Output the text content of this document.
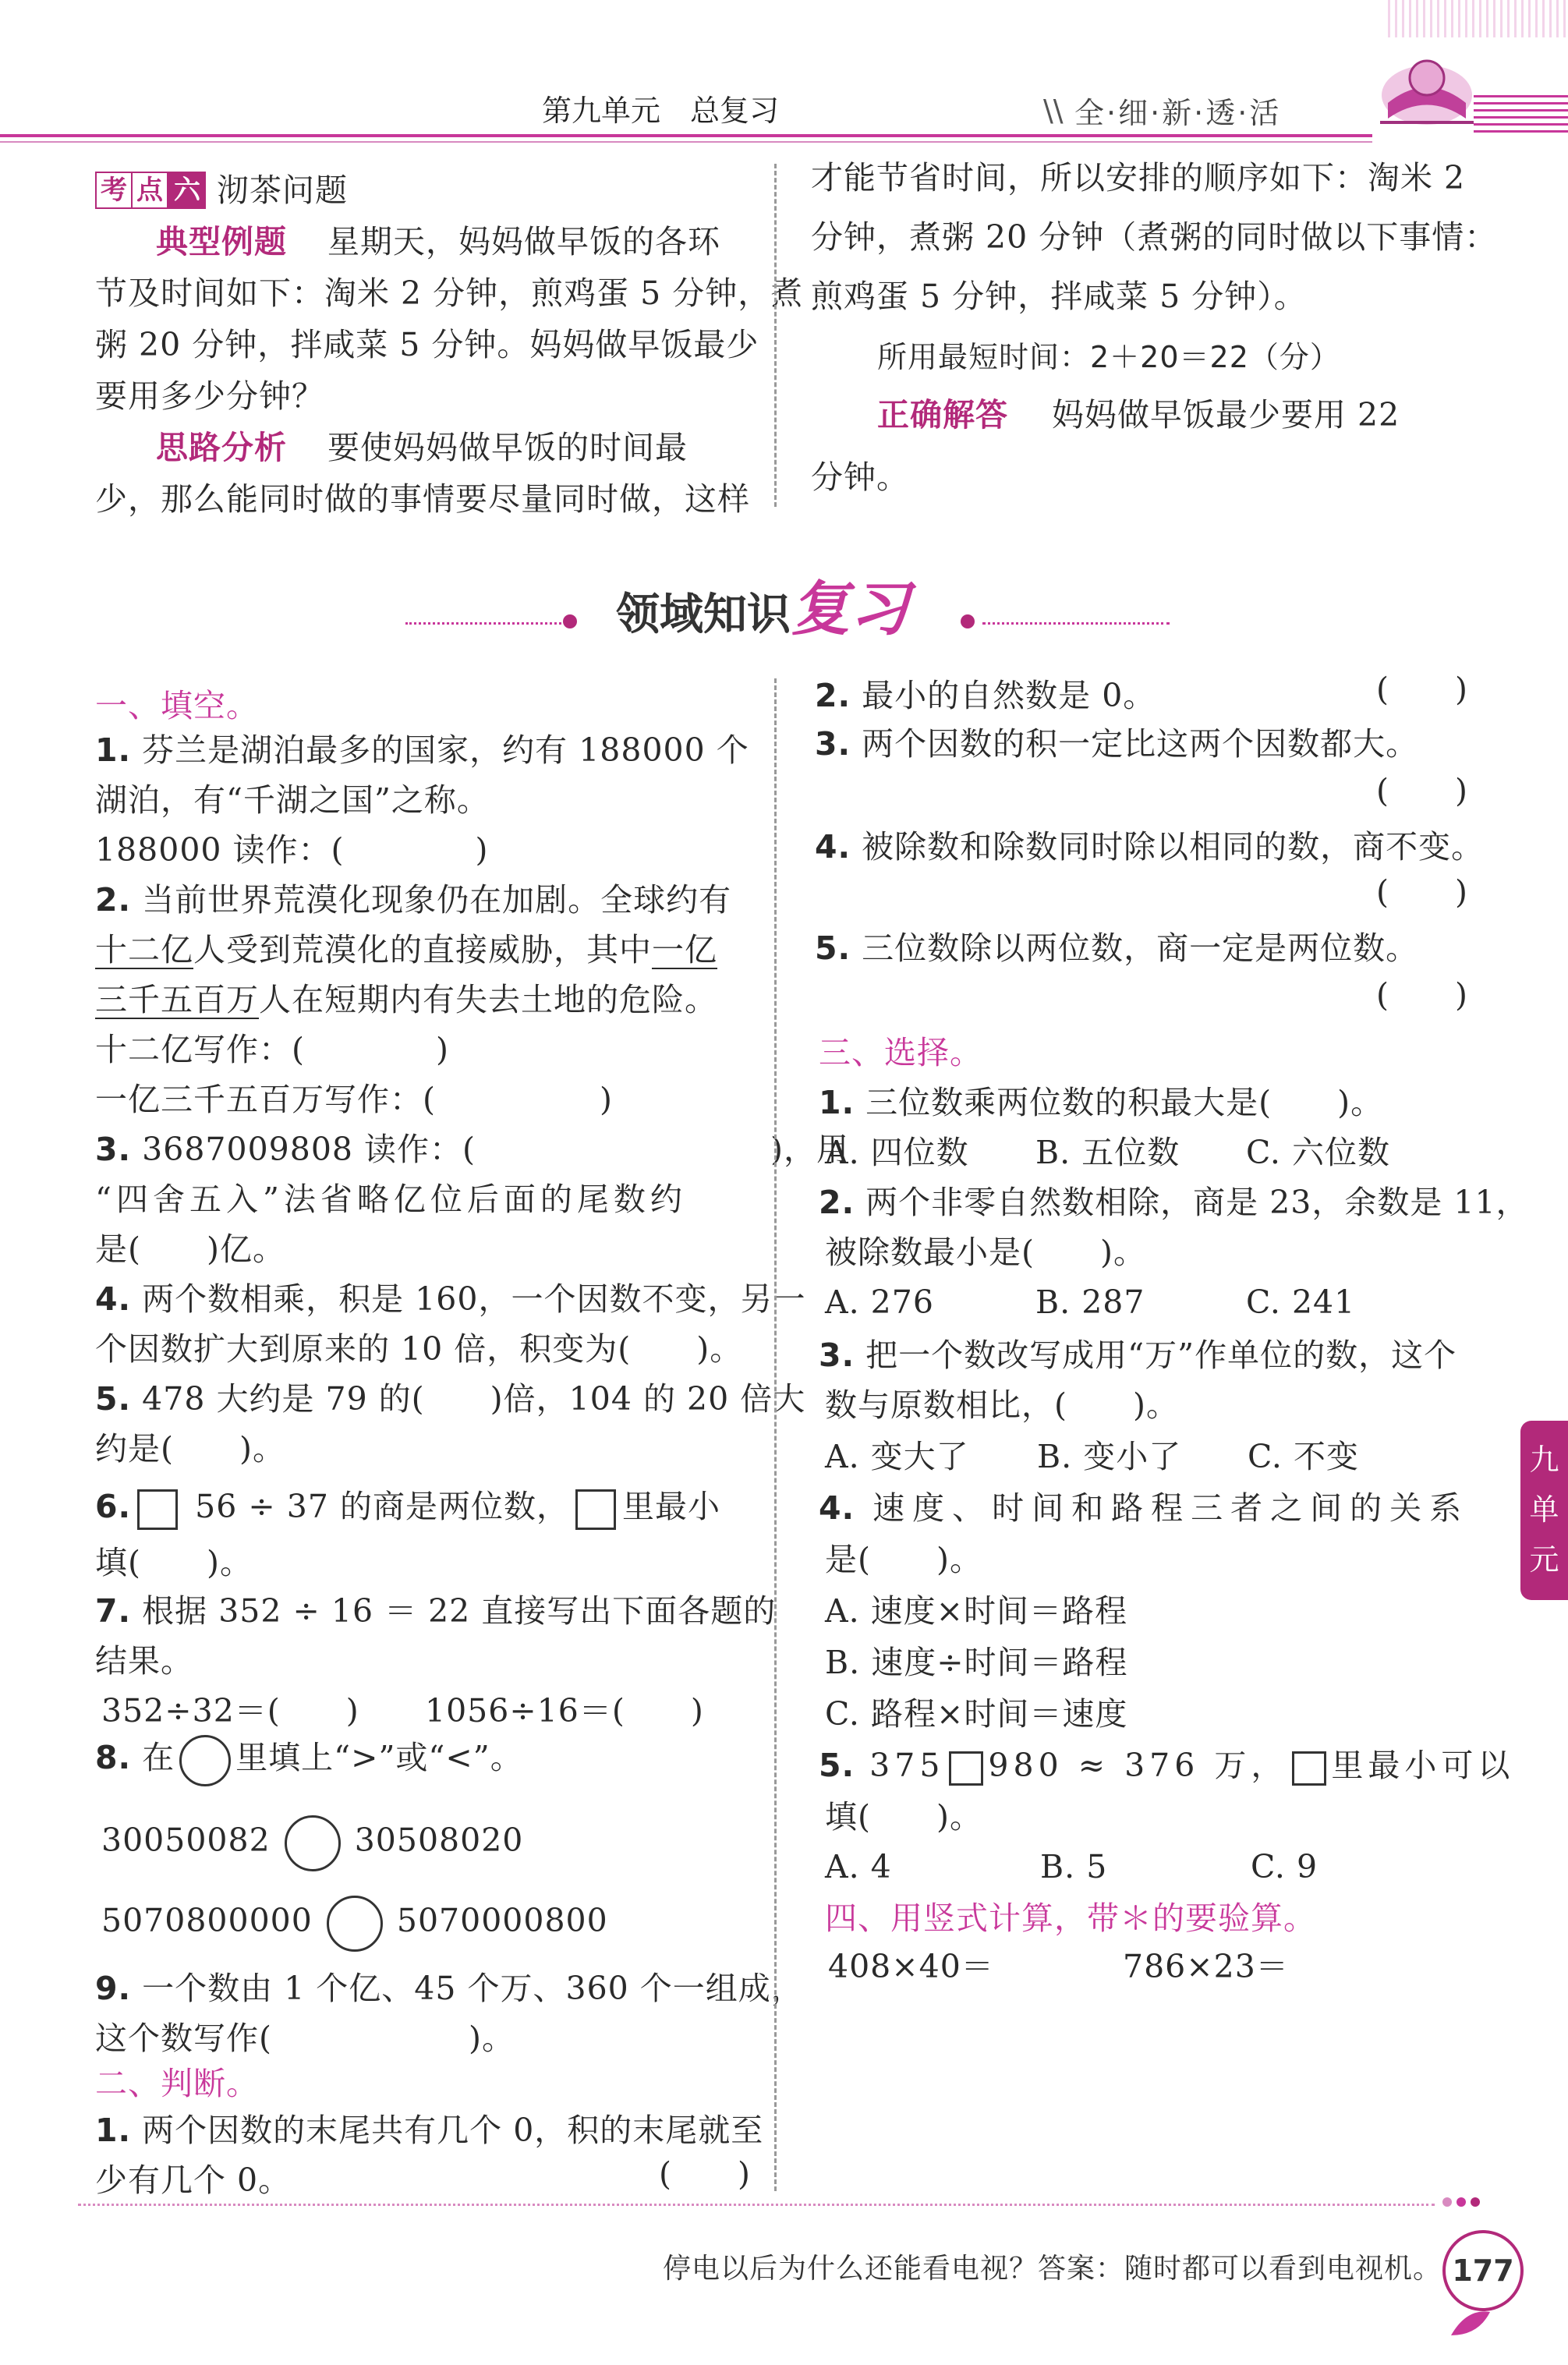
第九单元　总复习	\\ 全·细·新·透·活
考 点 六 沏茶问题
典型例题 星期天，妈妈做早饭的各环
节及时间如下：淘米 2 分钟，煎鸡蛋 5 分钟，煮
粥 20 分钟，拌咸菜 5 分钟。妈妈做早饭最少
要用多少分钟？
思路分析 要使妈妈做早饭的时间最
少，那么能同时做的事情要尽量同时做，这样
才能节省时间，所以安排的顺序如下：淘米 2
分钟，煮粥 20 分钟（煮粥的同时做以下事情：
煎鸡蛋 5 分钟，拌咸菜 5 分钟）。
所用最短时间：2＋20＝22（分）
正确解答 妈妈做早饭最少要用 22
分钟。
领域知识复习
一、填空。
1. 芬兰是湖泊最多的国家，约有 188000 个
湖泊，有“千湖之国”之称。
188000 读作：(　　　　)
2. 当前世界荒漠化现象仍在加剧。全球约有
十二亿人受到荒漠化的直接威胁，其中一亿
三千五百万人在短期内有失去土地的危险。
十二亿写作：(　　　　)
一亿三千五百万写作：(　　　　　)
3. 3687009808 读作：(　　　　　　　　　)，用
“四舍五入”法省略亿位后面的尾数约
是(　　)亿。
4. 两个数相乘，积是 160，一个因数不变，另一
个因数扩大到原来的 10 倍，积变为(　　)。
5. 478 大约是 79 的(　　)倍，104 的 20 倍大
约是(　　)。
6. 56 ÷ 37 的商是两位数， 里最小
填(　　)。
7. 根据 352 ÷ 16 ＝ 22 直接写出下面各题的
结果。
352÷32＝(　　) 1056÷16＝(　　)
8. 在 里填上“>”或“<”。
30050082	30508020
5070800000	5070000800
9. 一个数由 1 个亿、45 个万、360 个一组成，
这个数写作(　　　　　　)。
二、判断。
1. 两个因数的末尾共有几个 0，积的末尾就至
少有几个 0。	(　　)
2. 最小的自然数是 0。	(　　)
3. 两个因数的积一定比这两个因数都大。
(　　)
4. 被除数和除数同时除以相同的数，商不变。
(　　)
5. 三位数除以两位数，商一定是两位数。
(　　)
三、选择。
1. 三位数乘两位数的积最大是(　　)。
A. 四位数 B. 五位数 C. 六位数
2. 两个非零自然数相除，商是 23，余数是 11，
被除数最小是(　　)。
A. 276	B. 287	C. 241
3. 把一个数改写成用“万”作单位的数，这个
数与原数相比，(　　)。
A. 变大了 B. 变小了 C. 不变
4. 速度、时间和路程三者之间的关系
是(　　)。
A. 速度×时间＝路程
B. 速度÷时间＝路程
C. 路程×时间＝速度
5. 375 980 ≈ 376 万， 里最小可以
填(　　)。
A. 4	B. 5	C. 9
四、用竖式计算，带＊的要验算。
408×40＝	786×23＝
九
单
元
停电以后为什么还能看电视？答案：随时都可以看到电视机。 177
